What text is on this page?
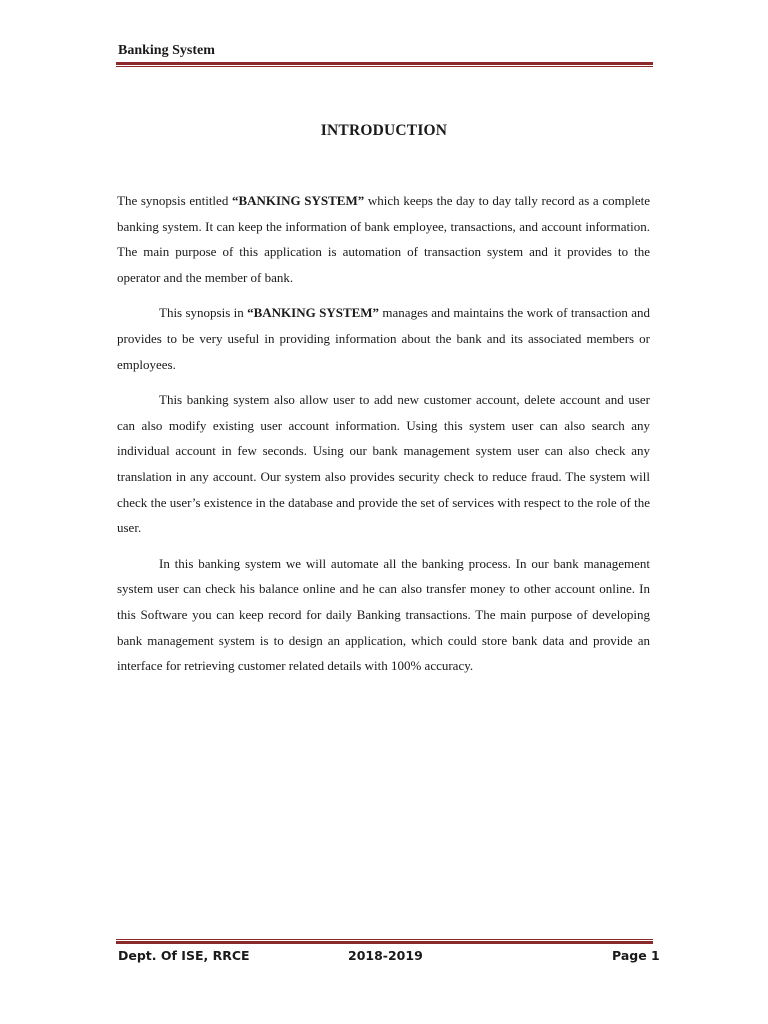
Banking System
INTRODUCTION

The synopsis entitled “BANKING SYSTEM” which keeps the day to day tally record as a complete banking system. It can keep the information of bank employee, transactions, and account information. The main purpose of this application is automation of transaction system and it provides to the operator and the member of bank.

This synopsis in “BANKING SYSTEM” manages and maintains the work of transaction and provides to be very useful in providing information about the bank and its associated members or employees.

This banking system also allow user to add new customer account, delete account and user can also modify existing user account information. Using this system user can also search any individual account in few seconds. Using our bank management system user can also check any translation in any account. Our system also provides security check to reduce fraud. The system will check the user’s existence in the database and provide the set of services with respect to the role of the user.

In this banking system we will automate all the banking process. In our bank management system user can check his balance online and he can also transfer money to other account online. In this Software you can keep record for daily Banking transactions. The main purpose of developing bank management system is to design an application, which could store bank data and provide an interface for retrieving customer related details with 100% accuracy.

Dept. Of ISE, RRCE	2018-2019	Page 1
